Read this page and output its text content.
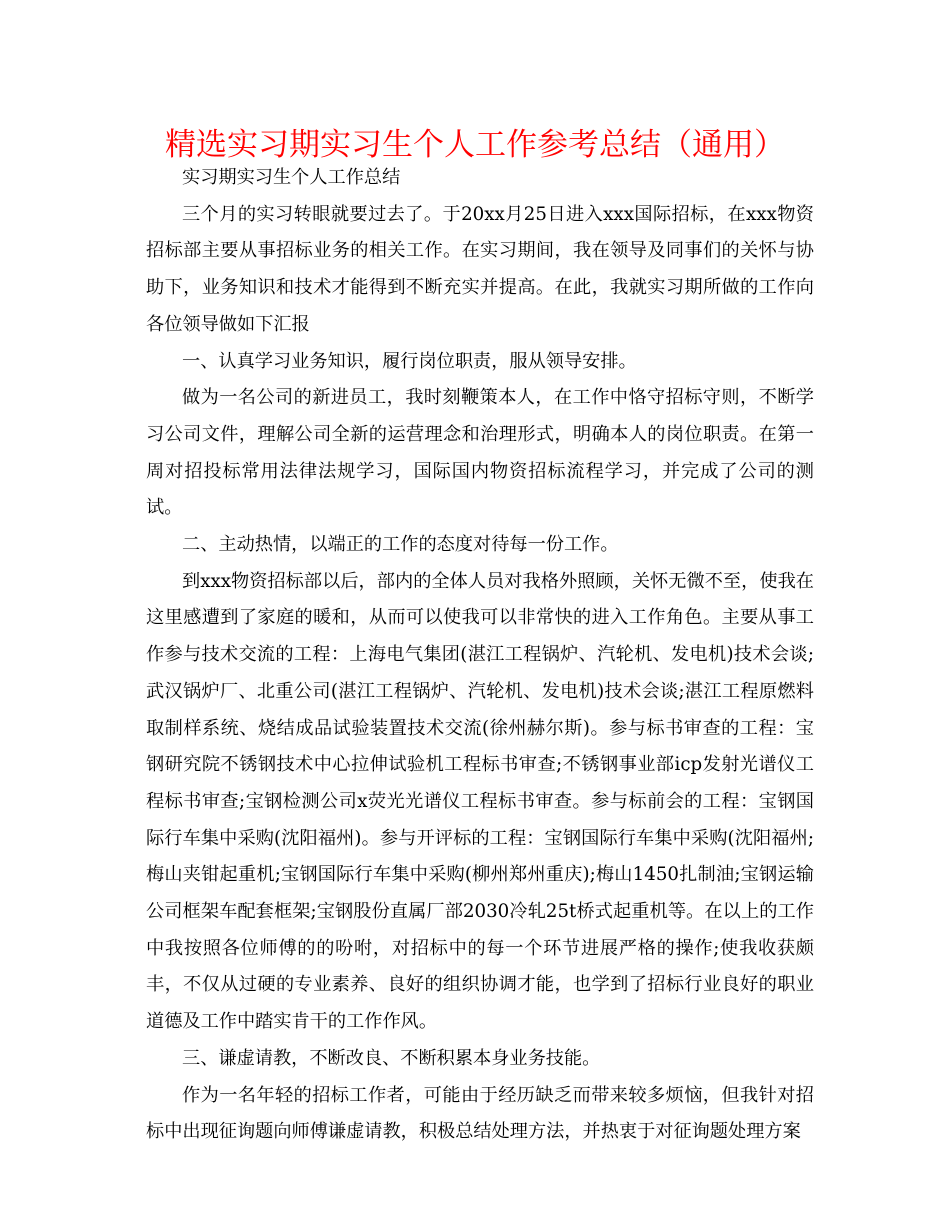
精选实习期实习生个人工作参考总结（通用）

实习期实习生个人工作总结

三个月的实习转眼就要过去了。于20xx月25日进入xxx国际招标，在xxx物资招标部主要从事招标业务的相关工作。在实习期间，我在领导及同事们的关怀与协助下，业务知识和技术才能得到不断充实并提高。在此，我就实习期所做的工作向各位领导做如下汇报

一、认真学习业务知识，履行岗位职责，服从领导安排。

做为一名公司的新进员工，我时刻鞭策本人，在工作中恪守招标守则，不断学习公司文件，理解公司全新的运营理念和治理形式，明确本人的岗位职责。在第一周对招投标常用法律法规学习，国际国内物资招标流程学习，并完成了公司的测试。

二、主动热情，以端正的工作的态度对待每一份工作。

到xxx物资招标部以后，部内的全体人员对我格外照顾，关怀无微不至，使我在这里感遭到了家庭的暖和，从而可以使我可以非常快的进入工作角色。主要从事工作参与技术交流的工程：上海电气集团(湛江工程锅炉、汽轮机、发电机)技术会谈;武汉锅炉厂、北重公司(湛江工程锅炉、汽轮机、发电机)技术会谈;湛江工程原燃料取制样系统、烧结成品试验装置技术交流(徐州赫尔斯)。参与标书审查的工程：宝钢研究院不锈钢技术中心拉伸试验机工程标书审查;不锈钢事业部icp发射光谱仪工程标书审查;宝钢检测公司x荧光光谱仪工程标书审查。参与标前会的工程：宝钢国际行车集中采购(沈阳福州)。参与开评标的工程：宝钢国际行车集中采购(沈阳福州;梅山夹钳起重机;宝钢国际行车集中采购(柳州郑州重庆);梅山1450扎制油;宝钢运输公司框架车配套框架;宝钢股份直属厂部2030冷轧25t桥式起重机等。在以上的工作中我按照各位师傅的的吩咐，对招标中的每一个环节进展严格的操作;使我收获颇丰，不仅从过硬的专业素养、良好的组织协调才能，也学到了招标行业良好的职业道德及工作中踏实肯干的工作作风。

三、谦虚请教，不断改良、不断积累本身业务技能。

作为一名年轻的招标工作者，可能由于经历缺乏而带来较多烦恼，但我针对招标中出现征询题向师傅谦虚请教，积极总结处理方法，并热衷于对征询题处理方案
